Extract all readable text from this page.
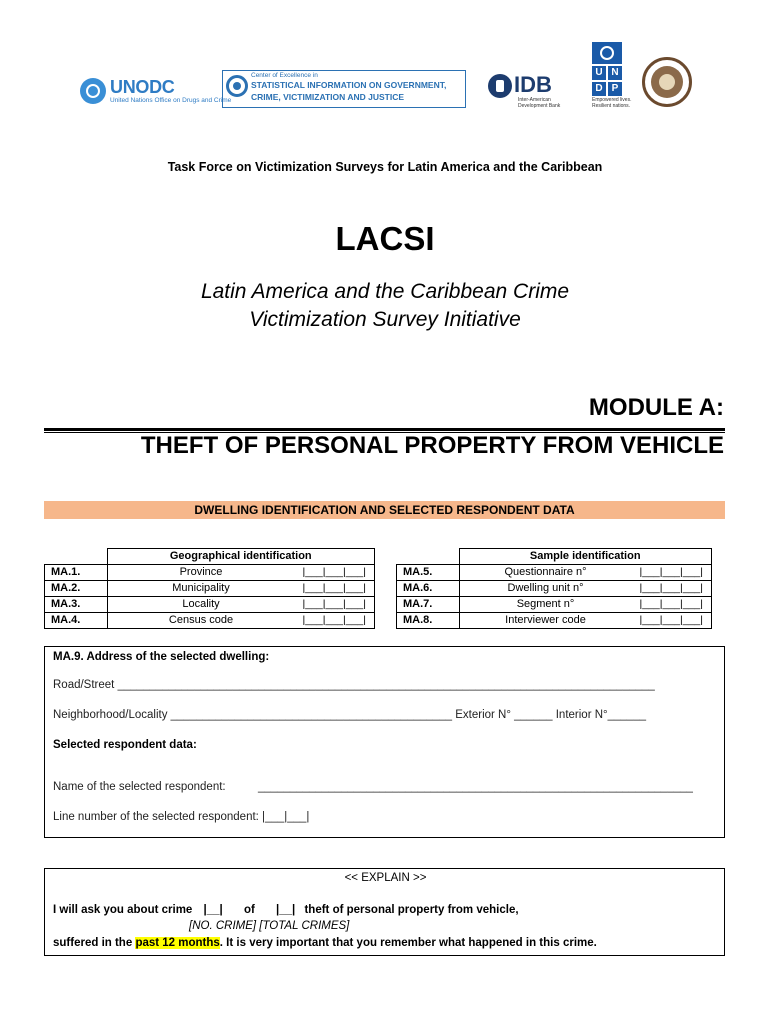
UNODC
United Nations Office on Drugs and Crime
Center of Excellence in
STATISTICAL INFORMATION ON GOVERNMENT,
CRIME, VICTIMIZATION AND JUSTICE	IDB
Inter-American
Development Bank
U N
D P
Empowered lives.
Resilient nations.
Task Force on Victimization Surveys for Latin America and the Caribbean
LACSI
Latin America and the Caribbean Crime
Victimization Survey Initiative
MODULE A:
THEFT OF PERSONAL PROPERTY FROM VEHICLE
DWELLING IDENTIFICATION AND SELECTED RESPONDENT DATA
	Geographical identification	
MA.1.	Province	|___|___|___|
MA.2.	Municipality	|___|___|___|
MA.3.	Locality	|___|___|___|
MA.4.	Census code	|___|___|___|
	Sample identification	
MA.5.	Questionnaire n°	|___|___|___|
MA.6.	Dwelling unit n°	|___|___|___|
MA.7.	Segment n°	|___|___|___|
MA.8.	Interviewer code	|___|___|___|
MA.9. Address of the selected dwelling:
Road/Street ____________________________________________________________________________________
Neighborhood/Locality ____________________________________________ Exterior N° ______ Interior N°______
Selected respondent data:
Name of the selected respondent:	____________________________________________________________________
Line number of the selected respondent: |___|___|
<< EXPLAIN >>
I will ask you about crime |__| of |__| theft of personal property from vehicle,
[NO. CRIME] [TOTAL CRIMES]
suffered in the past 12 months. It is very important that you remember what happened in this crime.
